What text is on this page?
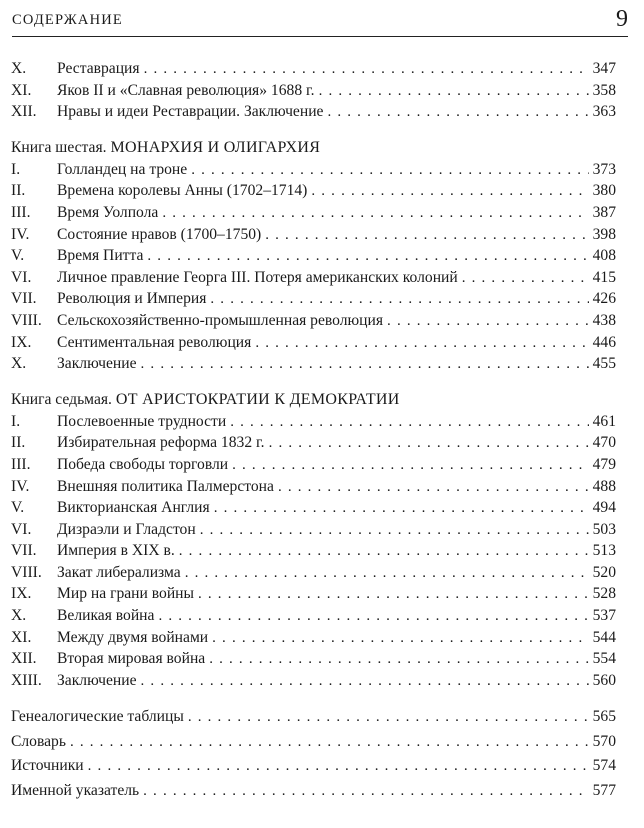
СОДЕРЖАНИЕ	9
X.	Реставрация . . .	347
XI.	Яков II и «Славная революция» 1688 г. . . .	358
XII.	Нравы и идеи Реставрации. Заключение . . .	363
Книга шестая. МОНАРХИЯ И ОЛИГАРХИЯ
I.	Голландец на троне . . .	373
II.	Времена королевы Анны (1702–1714) . . .	380
III.	Время Уолпола . . .	387
IV.	Состояние нравов (1700–1750) . . .	398
V.	Время Питта . . .	408
VI.	Личное правление Георга III. Потеря американских колоний . . .	415
VII.	Революция и Империя . . .	426
VIII. Сельскохозяйственно-промышленная революция . . .	438
IX.	Сентиментальная революция . . .	446
X.	Заключение . . .	455
Книга седьмая. ОТ АРИСТОКРАТИИ К ДЕМОКРАТИИ
I.	Послевоенные трудности . . .	461
II.	Избирательная реформа 1832 г. . . .	470
III.	Победа свободы торговли . . .	479
IV.	Внешняя политика Палмерстона . . .	488
V.	Викторианская Англия . . .	494
VI.	Дизраэли и Гладстон . . .	503
VII.	Империя в XIX в. . . .	513
VIII. Закат либерализма . . .	520
IX.	Мир на грани войны . . .	528
X.	Великая война . . .	537
XI.	Между двумя войнами . . .	544
XII.	Вторая мировая война . . .	554
XIII. Заключение . . .	560
Генеалогические таблицы . . .	565
Словарь . . .	570
Источники . . .	574
Именной указатель . . .	577
